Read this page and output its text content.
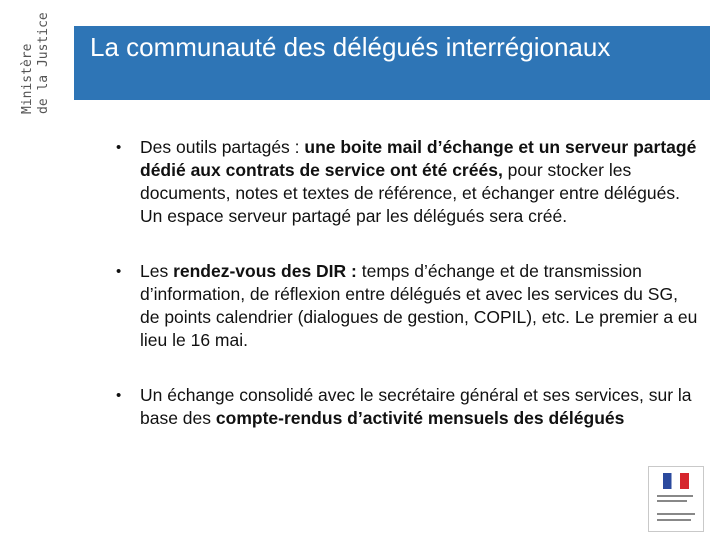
Ministère de la Justice La communauté des délégués interrégionaux
• Des outils partagés : une boite mail d’échange et un serveur partagé dédié aux contrats de service ont été créés, pour stocker les documents, notes et textes de référence, et échanger entre délégués. Un espace serveur partagé par les délégués sera créé.
• Les rendez-vous des DIR : temps d’échange et de transmission d’information, de réflexion entre délégués et avec les services du SG, de points calendrier (dialogues de gestion, COPIL), etc. Le premier a eu lieu le 16 mai.
• Un échange consolidé avec le secrétaire général et ses services, sur la base des compte-rendus d’activité mensuels des délégués
